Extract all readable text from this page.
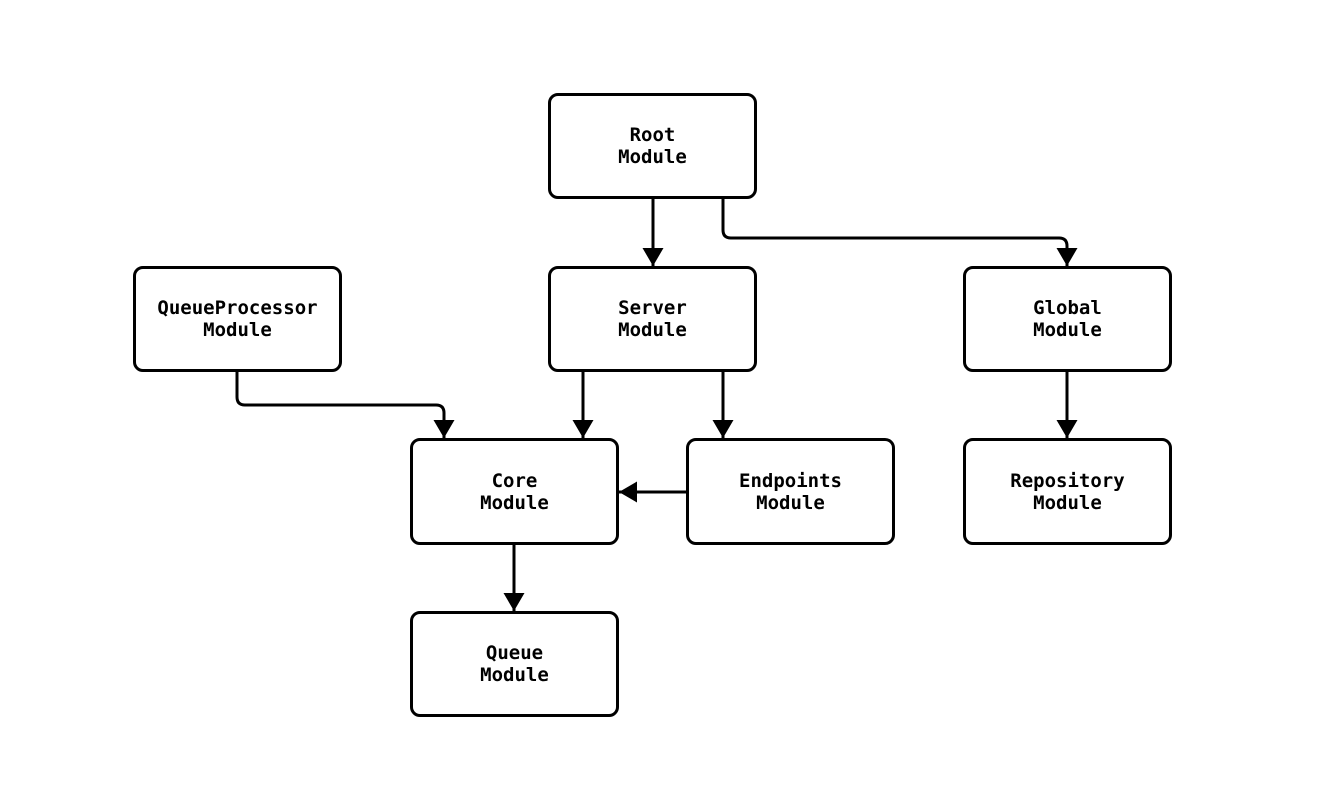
Root
Module
QueueProcessor
Module
Server
Module
Global
Module
Core
Module
Endpoints
Module
Repository
Module
Queue
Module
